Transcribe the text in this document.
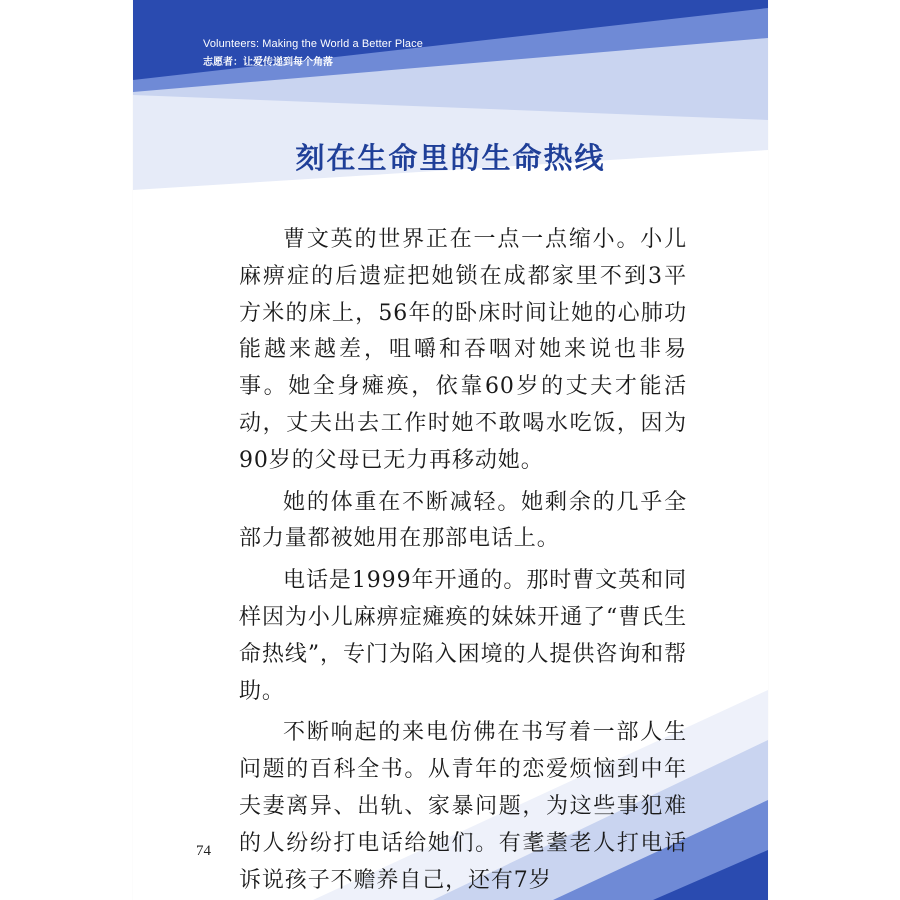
Volunteers: Making the World a Better Place
志愿者：让爱传递到每个角落
刻在生命里的生命热线

曹文英的世界正在一点一点缩小。小儿麻痹症的后遗症把她锁在成都家里不到3平方米的床上，56年的卧床时间让她的心肺功能越来越差，咀嚼和吞咽对她来说也非易事。她全身瘫痪，依靠60岁的丈夫才能活动，丈夫出去工作时她不敢喝水吃饭，因为90岁的父母已无力再移动她。

她的体重在不断减轻。她剩余的几乎全部力量都被她用在那部电话上。

电话是1999年开通的。那时曹文英和同样因为小儿麻痹症瘫痪的妹妹开通了“曹氏生命热线”，专门为陷入困境的人提供咨询和帮助。

不断响起的来电仿佛在书写着一部人生问题的百科全书。从青年的恋爱烦恼到中年夫妻离异、出轨、家暴问题，为这些事犯难的人纷纷打电话给她们。有耄耋老人打电话诉说孩子不赡养自己，还有7岁

74
